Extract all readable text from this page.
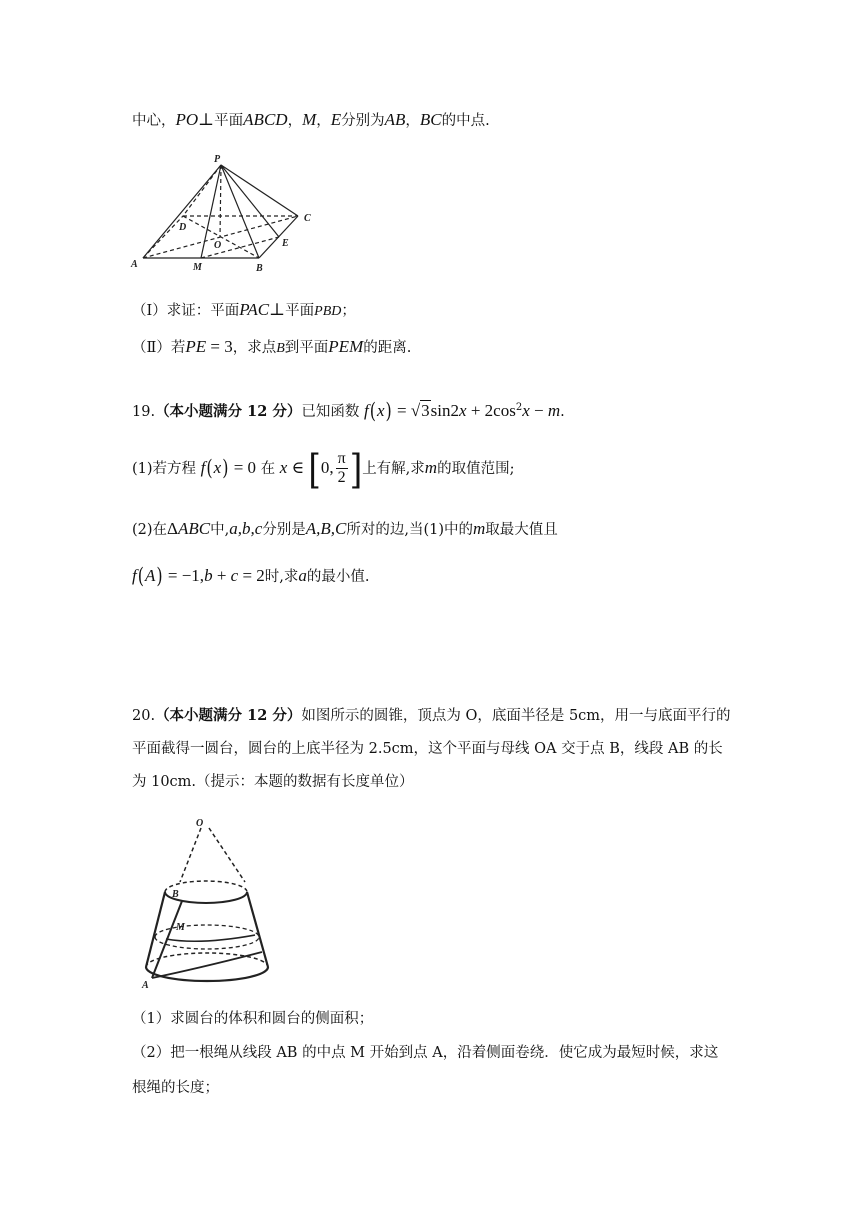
中心，PO⊥平面ABCD，M，E分别为AB，BC的中点.
P
C
D
O	E
A	M	B
（Ⅰ）求证：平面PAC⊥平面PBD；
（Ⅱ）若PE = 3，求点B到平面PEM的距离.
19.（本小题满分 12 分）已知函数 $f(x) = √3\sin 2x + 2\cos^2x - m$.
(1)若方程 f(x) = 0 在 x ∈ [0, $\frac{\pi}{2}$ ]上有解,求m的取值范围;
(2)在ΔABC中,a,b,c分别是A,B,C所对的边,当(1)中的m取最大值且
f(A) = −1,b + c = 2时,求a的最小值.
20.（本小题满分 12 分）如图所示的圆锥，顶点为 O，底面半径是 5cm，用一与底面平行的
平面截得一圆台，圆台的上底半径为 2.5cm，这个平面与母线 OA 交于点 B，线段 AB 的长
为 10cm.（提示：本题的数据有长度单位）
O
B
M
A
（1）求圆台的体积和圆台的侧面积；
（2）把一根绳从线段 AB 的中点 M 开始到点 A，沿着侧面卷绕．使它成为最短时候，求这
根绳的长度；
